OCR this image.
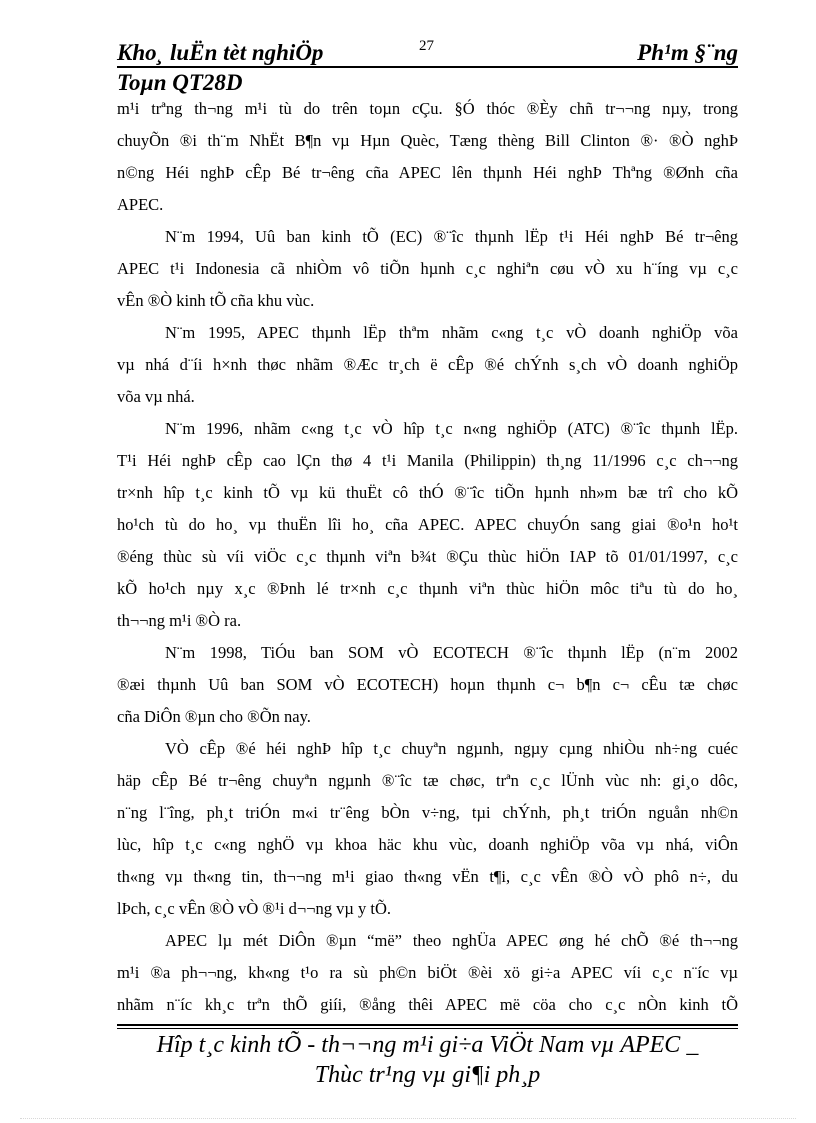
Kho¸ luËn tèt nghiÖp	27	Ph¹m §¨ng
Toµn QT28D
m¹i trªng th¬ng m¹i tù do trên toµn cÇu. §Ó thóc ®Èy chñ tr¬¬ng nµy, trong
chuyÕn ®i th¨m NhËt B¶n vµ Hµn Quèc, Tæng thèng Bill Clinton ®· ®Ò nghÞ
n©ng Héi nghÞ cÊp Bé tr¬êng cña APEC lên thµnh Héi nghÞ Thªng ®Ønh cña
APEC.
N¨m 1994, Uû ban kinh tÕ (EC) ®¨îc thµnh lËp t¹i Héi nghÞ Bé tr¬êng
APEC t¹i Indonesia cã nhiÒm vô tiÕn hµnh c¸c nghiªn cøu vÒ xu h¨íng vµ c¸c
vÊn ®Ò kinh tÕ cña khu vùc.
N¨m 1995, APEC thµnh lËp thªm nhãm c«ng t¸c vÒ doanh nghiÖp võa
vµ nhá d¨íi h×nh thøc nhãm ®Æc tr¸ch ë cÊp ®é chÝnh s¸ch vÒ doanh nghiÖp
võa vµ nhá.
N¨m 1996, nhãm c«ng t¸c vÒ hîp t¸c n«ng nghiÖp (ATC) ®¨îc thµnh lËp.
T¹i Héi nghÞ cÊp cao lÇn thø 4 t¹i Manila (Philippin) th¸ng 11/1996 c¸c ch¬¬ng
tr×nh hîp t¸c kinh tÕ vµ kü thuËt cô thÓ ®¨îc tiÕn hµnh nh»m bæ trî cho kÕ
ho¹ch tù do ho¸ vµ thuËn lîi ho¸ cña APEC. APEC chuyÓn sang giai ®o¹n ho¹t
®éng thùc sù víi viÖc c¸c thµnh viªn b¾t ®Çu thùc hiÖn IAP tõ 01/01/1997, c¸c
kÕ ho¹ch nµy x¸c ®Þnh lé tr×nh c¸c thµnh viªn thùc hiÖn môc tiªu tù do ho¸
th¬¬ng m¹i ®Ò ra.
N¨m 1998, TiÓu ban SOM vÒ ECOTECH ®¨îc thµnh lËp (n¨m 2002
®æi thµnh Uû ban SOM vÒ ECOTECH) hoµn thµnh c¬ b¶n c¬ cÊu tæ chøc
cña DiÔn ®µn cho ®Õn nay.
VÒ cÊp ®é héi nghÞ hîp t¸c chuyªn ngµnh, ngµy cµng nhiÒu nh÷ng cuéc
häp cÊp Bé tr¬êng chuyªn ngµnh ®¨îc tæ chøc, trªn c¸c lÜnh vùc nh: gi¸o dôc,
n¨ng l¨îng, ph¸t triÓn m«i tr¨êng bÒn v÷ng, tµi chÝnh, ph¸t triÓn nguån nh©n
lùc, hîp t¸c c«ng nghÖ vµ khoa häc khu vùc, doanh nghiÖp võa vµ nhá, viÔn
th«ng vµ th«ng tin, th¬¬ng m¹i giao th«ng vËn t¶i, c¸c vÊn ®Ò vÒ phô n÷, du
lÞch, c¸c vÊn ®Ò vÒ ®¹i d¬¬ng vµ y tÕ.
APEC lµ mét DiÔn ®µn “më” theo nghÜa APEC øng hé chÕ ®é th¬¬ng
m¹i ®a ph¬¬ng, kh«ng t¹o ra sù ph©n biÖt ®èi xö gi÷a APEC víi c¸c n¨íc vµ
nhãm n¨íc kh¸c trªn thÕ giíi, ®ång thêi APEC më cöa cho c¸c nÒn kinh tÕ
Hîp t¸c kinh tÕ - th¬¬ng m¹i gi÷a ViÖt Nam vµ APEC _
Thùc tr¹ng vµ gi¶i ph¸p
